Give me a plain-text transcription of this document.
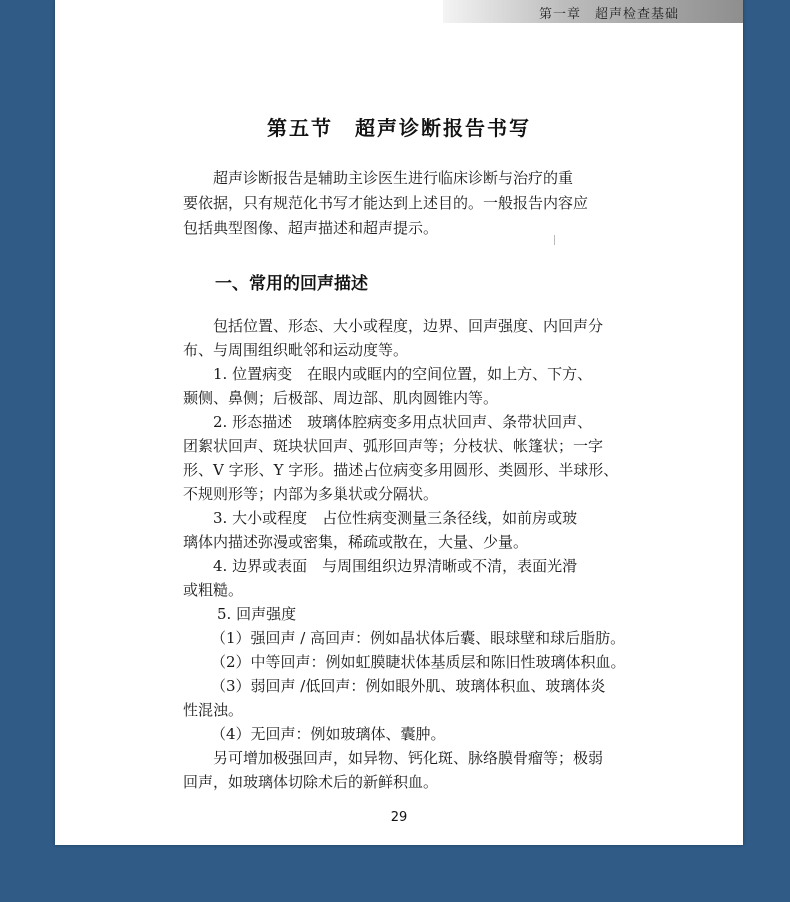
第一章　超声检查基础
第五节 超声诊断报告书写
超声诊断报告是辅助主诊医生进行临床诊断与治疗的重
要依据，只有规范化书写才能达到上述目的。一般报告内容应
包括典型图像、超声描述和超声提示。
一、常用的回声描述
包括位置、形态、大小或程度，边界、回声强度、内回声分
布、与周围组织毗邻和运动度等。
1. 位置病变　在眼内或眶内的空间位置，如上方、下方、
颞侧、鼻侧；后极部、周边部、肌肉圆锥内等。
2. 形态描述　玻璃体腔病变多用点状回声、条带状回声、
团絮状回声、斑块状回声、弧形回声等；分枝状、帐篷状；一字
形、V 字形、Y 字形。描述占位病变多用圆形、类圆形、半球形、
不规则形等；内部为多巢状或分隔状。
3. 大小或程度　占位性病变测量三条径线，如前房或玻
璃体内描述弥漫或密集，稀疏或散在，大量、少量。
4. 边界或表面　与周围组织边界清晰或不清，表面光滑
或粗糙。
5. 回声强度
（1）强回声 / 高回声：例如晶状体后囊、眼球壁和球后脂肪。
（2）中等回声：例如虹膜睫状体基质层和陈旧性玻璃体积血。
（3）弱回声 /低回声：例如眼外肌、玻璃体积血、玻璃体炎
性混浊。
（4）无回声：例如玻璃体、囊肿。
另可增加极强回声，如异物、钙化斑、脉络膜骨瘤等；极弱
回声，如玻璃体切除术后的新鲜积血。
29
